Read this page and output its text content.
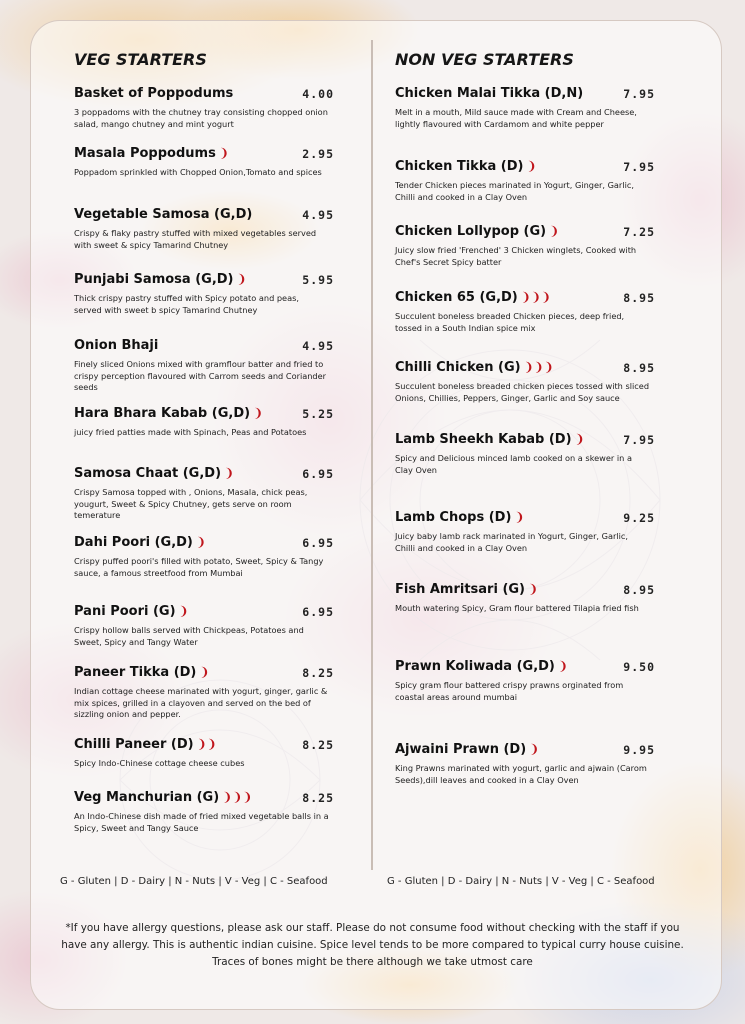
VEG STARTERS
Basket of Poppodums	4.00
3 poppadoms with the chutney tray consisting chopped onion salad, mango chutney and mint yogurt
Masala Poppodums ❩	2.95
Poppadom sprinkled with Chopped Onion,Tomato and spices
Vegetable Samosa (G,D)	4.95
Crispy & flaky pastry stuffed with mixed vegetables served with sweet & spicy Tamarind Chutney
Punjabi Samosa (G,D) ❩	5.95
Thick crispy pastry stuffed with Spicy potato and peas, served with sweet b spicy Tamarind Chutney
Onion Bhaji	4.95
Finely sliced Onions mixed with gramflour batter and fried to crispy perception flavoured with Carrom seeds and Coriander seeds
Hara Bhara Kabab (G,D) ❩	5.25
juicy fried patties made with Spinach, Peas and Potatoes
Samosa Chaat (G,D) ❩	6.95
Crispy Samosa topped with , Onions, Masala, chick peas, yougurt, Sweet & Spicy Chutney, gets serve on room temerature
Dahi Poori (G,D) ❩	6.95
Crispy puffed poori's filled with potato, Sweet, Spicy & Tangy sauce, a famous streetfood from Mumbai
Pani Poori (G) ❩	6.95
Crispy hollow balls served with Chickpeas, Potatoes and Sweet, Spicy and Tangy Water
Paneer Tikka (D) ❩	8.25
Indian cottage cheese marinated with yogurt, ginger, garlic & mix spices, grilled in a clayoven and served on the bed of sizzling onion and pepper.
Chilli Paneer (D) ❩❩	8.25
Spicy Indo-Chinese cottage cheese cubes
Veg Manchurian (G) ❩❩❩	8.25
An Indo-Chinese dish made of fried mixed vegetable balls in a Spicy, Sweet and Tangy Sauce
NON VEG STARTERS
Chicken Malai Tikka (D,N)	7.95
Melt in a mouth, Mild sauce made with Cream and Cheese, lightly flavoured with Cardamom and white pepper
Chicken Tikka (D) ❩	7.95
Tender Chicken pieces marinated in Yogurt, Ginger, Garlic, Chilli and cooked in a Clay Oven
Chicken Lollypop (G) ❩	7.25
Juicy slow fried 'Frenched' 3 Chicken winglets, Cooked with Chef's Secret Spicy batter
Chicken 65 (G,D) ❩❩❩	8.95
Succulent boneless breaded Chicken pieces, deep fried, tossed in a South Indian spice mix
Chilli Chicken (G) ❩❩❩	8.95
Succulent boneless breaded chicken pieces tossed with sliced Onions, Chillies, Peppers, Ginger, Garlic and Soy sauce
Lamb Sheekh Kabab (D) ❩	7.95
Spicy and Delicious minced lamb cooked on a skewer in a Clay Oven
Lamb Chops (D) ❩	9.25
Juicy baby lamb rack marinated in Yogurt, Ginger, Garlic, Chilli and cooked in a Clay Oven
Fish Amritsari (G) ❩	8.95
Mouth watering Spicy, Gram flour battered Tilapia fried fish
Prawn Koliwada (G,D) ❩	9.50
Spicy gram flour battered crispy prawns orginated from coastal areas around mumbai
Ajwaini Prawn (D) ❩	9.95
King Prawns marinated with yogurt, garlic and ajwain (Carom Seeds),dill leaves and cooked in a Clay Oven
G - Gluten | D - Dairy | N - Nuts | V - Veg | C - Seafood	G - Gluten | D - Dairy | N - Nuts | V - Veg | C - Seafood
*If you have allergy questions, please ask our staff. Please do not consume food without checking with the staff if you have any allergy. This is authentic indian cuisine. Spice level tends to be more compared to typical curry house cuisine. Traces of bones might be there although we take utmost care
